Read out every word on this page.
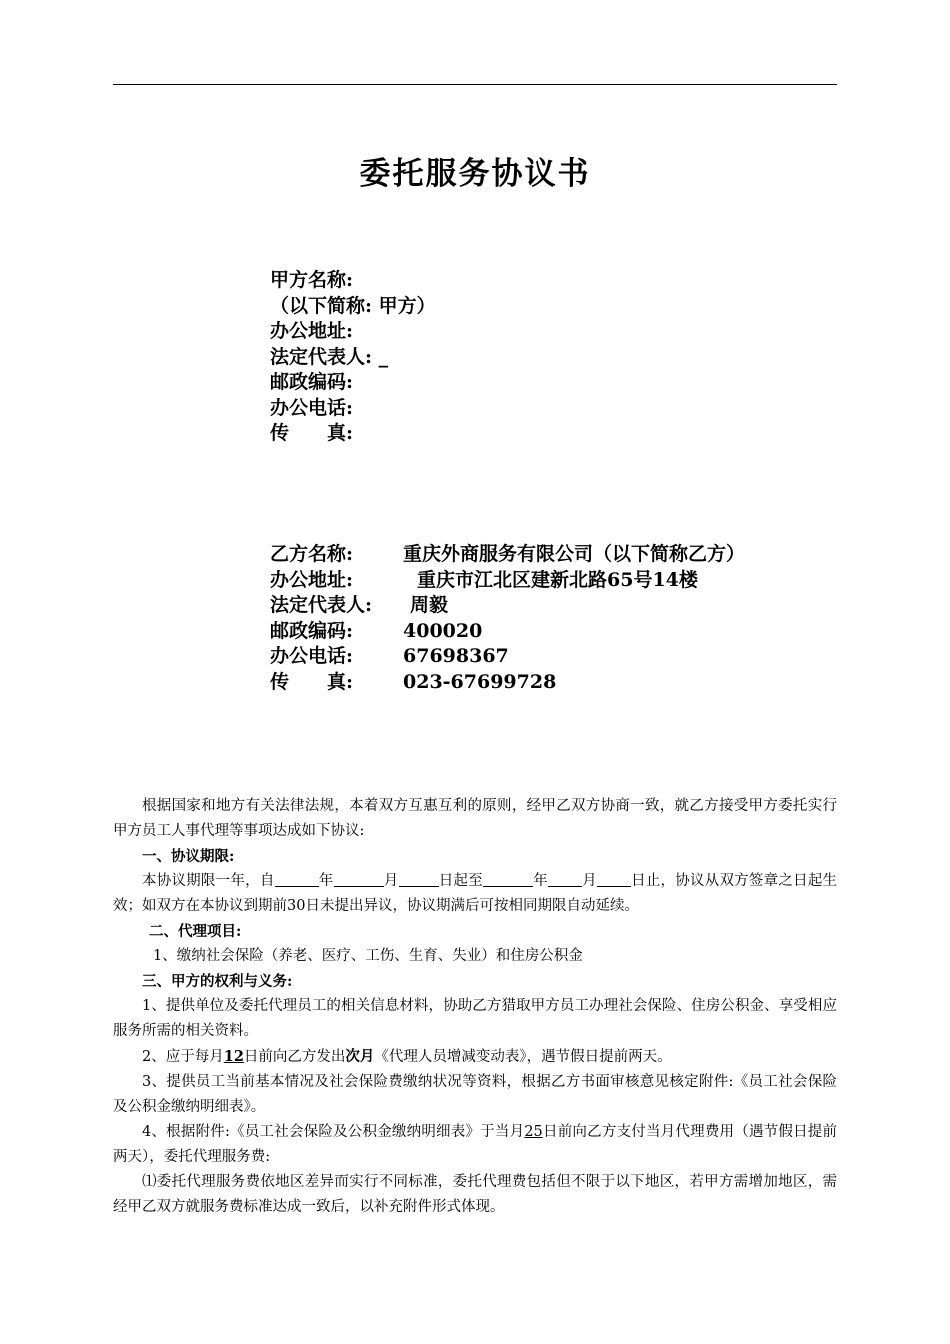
委托服务协议书
甲方名称:
（以下简称: 甲方）
办公地址:
法定代表人: _
邮政编码:
办公电话:
传　　真:
乙方名称:	重庆外商服务有限公司（以下简称乙方）
办公地址:	重庆市江北区建新北路65号14楼
法定代表人: 周毅
邮政编码:	400020
办公电话:	67698367
传　　真:	023-67699728

根据国家和地方有关法律法规，本着双方互惠互利的原则，经甲乙双方协商一致，就乙方接受甲方委托实行甲方员工人事代理等事项达成如下协议:

一、协议期限:

本协议期限一年，自	年	月	日起至	年 月 日止，协议从双方签章之日起生效；如双方在本协议到期前30日未提出异议，协议期满后可按相同期限自动延续。

二、代理项目:

1、缴纳社会保险（养老、医疗、工伤、生育、失业）和住房公积金

三、甲方的权利与义务:

1、提供单位及委托代理员工的相关信息材料，协助乙方猎取甲方员工办理社会保险、住房公积金、享受相应服务所需的相关资料。

2、应于每月12日前向乙方发出次月《代理人员增减变动表》，遇节假日提前两天。

3、提供员工当前基本情况及社会保险费缴纳状况等资料，根据乙方书面审核意见核定附件:《员工社会保险及公积金缴纳明细表》。

4、根据附件:《员工社会保险及公积金缴纳明细表》于当月25日前向乙方支付当月代理费用（遇节假日提前两天），委托代理服务费:

⑴委托代理服务费依地区差异而实行不同标准，委托代理费包括但不限于以下地区，若甲方需增加地区，需经甲乙双方就服务费标准达成一致后，以补充附件形式体现。
